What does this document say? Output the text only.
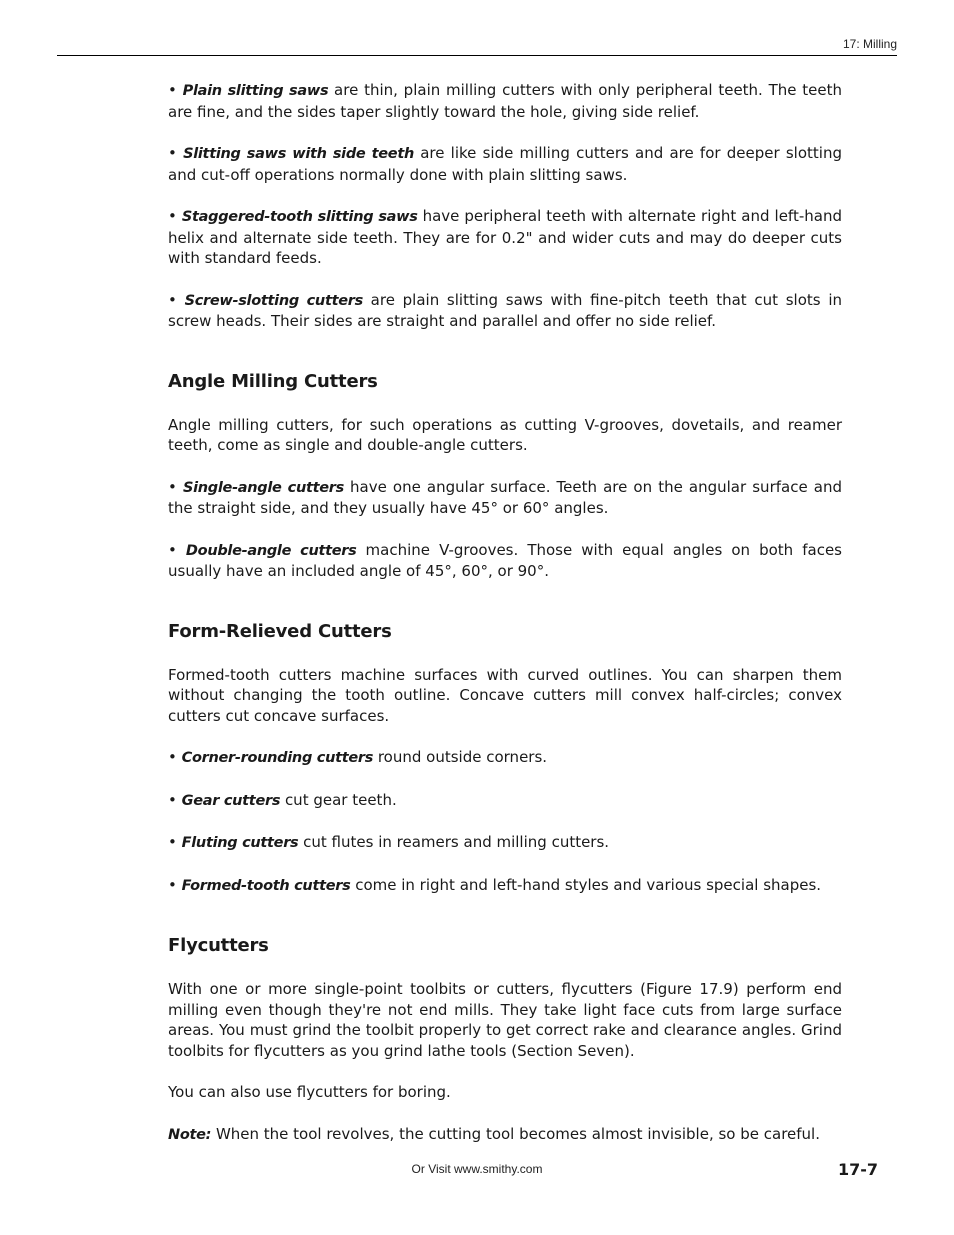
17: Milling

• Plain slitting saws are thin, plain milling cutters with only peripheral teeth. The teeth are fine, and the sides taper slightly toward the hole, giving side relief.

• Slitting saws with side teeth are like side milling cutters and are for deeper slotting and cut-off operations normally done with plain slitting saws.

• Staggered-tooth slitting saws have peripheral teeth with alternate right and left-hand helix and alternate side teeth. They are for 0.2" and wider cuts and may do deeper cuts with standard feeds.

• Screw-slotting cutters are plain slitting saws with fine-pitch teeth that cut slots in screw heads. Their sides are straight and parallel and offer no side relief.

Angle Milling Cutters

Angle milling cutters, for such operations as cutting V-grooves, dovetails, and reamer teeth, come as single and double-angle cutters.

• Single-angle cutters have one angular surface. Teeth are on the angular surface and the straight side, and they usually have 45° or 60° angles.

• Double-angle cutters machine V-grooves. Those with equal angles on both faces usually have an included angle of 45°, 60°, or 90°.

Form-Relieved Cutters

Formed-tooth cutters machine surfaces with curved outlines. You can sharpen them without changing the tooth outline. Concave cutters mill convex half-circles; convex cutters cut concave surfaces.

• Corner-rounding cutters round outside corners.

• Gear cutters cut gear teeth.

• Fluting cutters cut flutes in reamers and milling cutters.

• Formed-tooth cutters come in right and left-hand styles and various special shapes.

Flycutters

With one or more single-point toolbits or cutters, flycutters (Figure 17.9) perform end milling even though they're not end mills. They take light face cuts from large surface areas. You must grind the toolbit properly to get correct rake and clearance angles. Grind toolbits for flycutters as you grind lathe tools (Section Seven).

You can also use flycutters for boring.

Note: When the tool revolves, the cutting tool becomes almost invisible, so be careful.

Or Visit www.smithy.com	17-7
